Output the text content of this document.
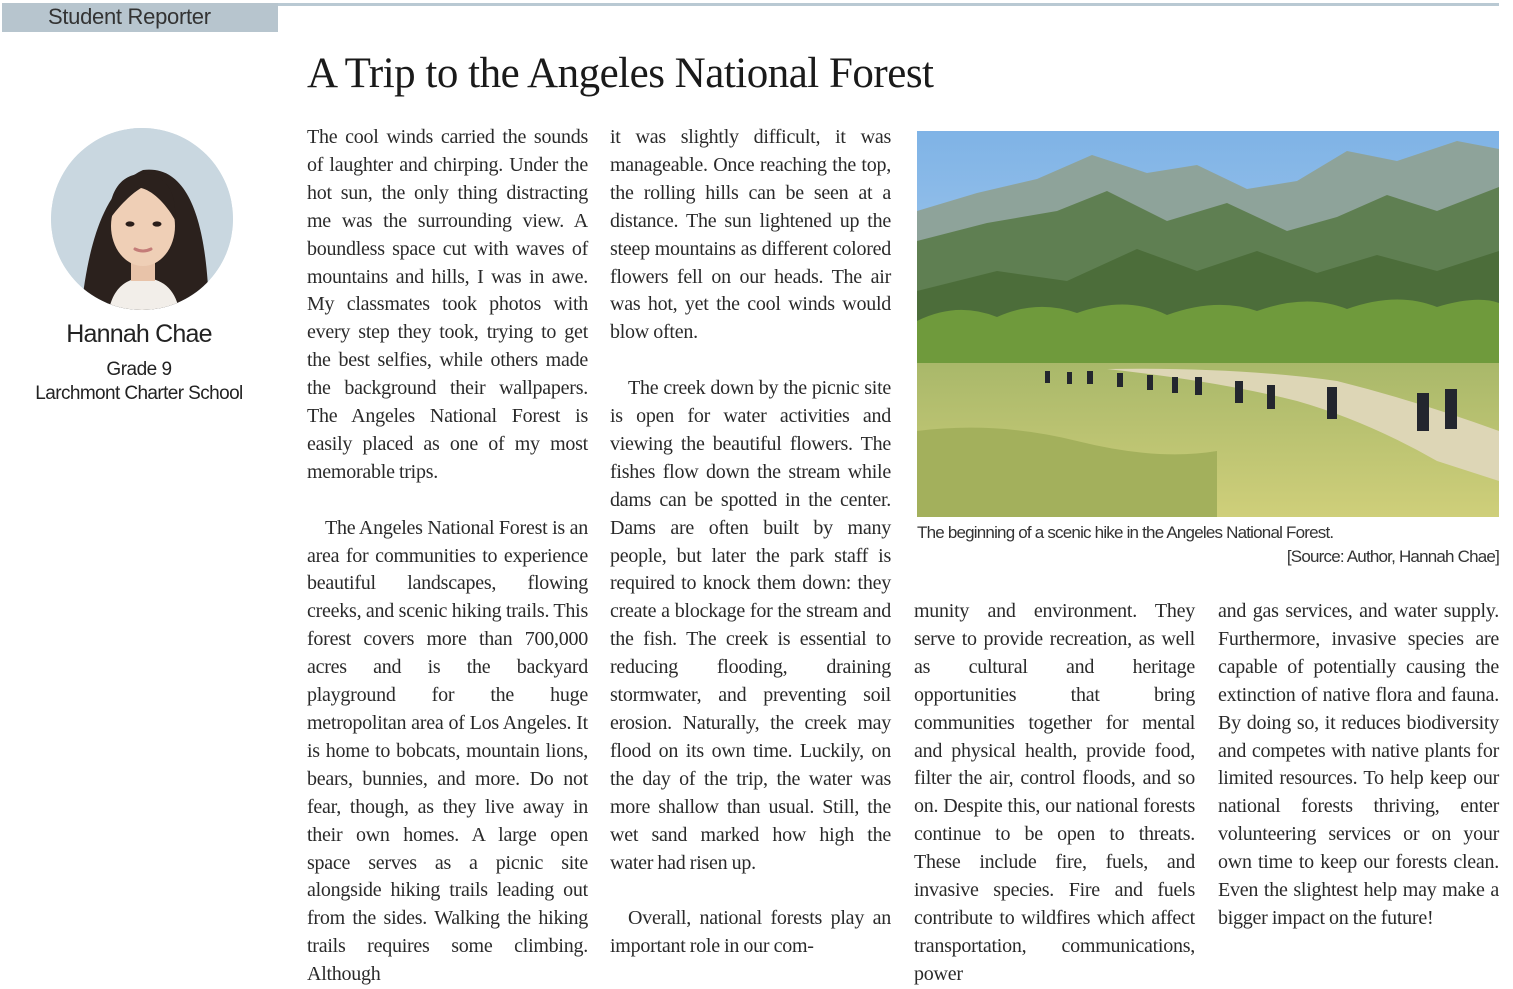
Student Reporter
A Trip to the Angeles National Forest
Hannah Chae
Grade 9
Larchmont Charter School

The cool winds carried the sounds of laughter and chirping. Under the hot sun, the only thing distracting me was the surrounding view. A boundless space cut with waves of mountains and hills, I was in awe. My classmates took photos with every step they took, trying to get the best selfies, while others made the background their wallpapers. The Angeles National Forest is easily placed as one of my most memorable trips.

The Angeles National Forest is an area for communities to experience beautiful landscapes, flowing creeks, and scenic hiking trails. This forest covers more than 700,000 acres and is the backyard playground for the huge metropolitan area of Los Angeles. It is home to bobcats, mountain lions, bears, bunnies, and more. Do not fear, though, as they live away in their own homes. A large open space serves as a picnic site alongside hiking trails leading out from the sides. Walking the hiking trails requires some climbing. Although

it was slightly difficult, it was manageable. Once reaching the top, the rolling hills can be seen at a distance. The sun lightened up the steep mountains as different colored flowers fell on our heads. The air was hot, yet the cool winds would blow often.

The creek down by the picnic site is open for water activities and viewing the beautiful flowers. The fishes flow down the stream while dams can be spotted in the center. Dams are often built by many people, but later the park staff is required to knock them down: they create a blockage for the stream and the fish. The creek is essential to reducing flooding, draining stormwater, and preventing soil erosion. Naturally, the creek may flood on its own time. Luckily, on the day of the trip, the water was more shallow than usual. Still, the wet sand marked how high the water had risen up.

Overall, national forests play an important role in our com-

munity and environment. They serve to provide recreation, as well as cultural and heritage opportunities that bring communities together for mental and physical health, provide food, filter the air, control floods, and so on. Despite this, our national forests continue to be open to threats. These include fire, fuels, and invasive species. Fire and fuels contribute to wildfires which affect transportation, communications, power

and gas services, and water supply. Furthermore, invasive species are capable of potentially causing the extinction of native flora and fauna. By doing so, it reduces biodiversity and competes with native plants for limited resources. To help keep our national forests thriving, enter volunteering services or on your own time to keep our forests clean. Even the slightest help may make a bigger impact on the future!

The beginning of a scenic hike in the Angeles National Forest.
[Source: Author, Hannah Chae]
